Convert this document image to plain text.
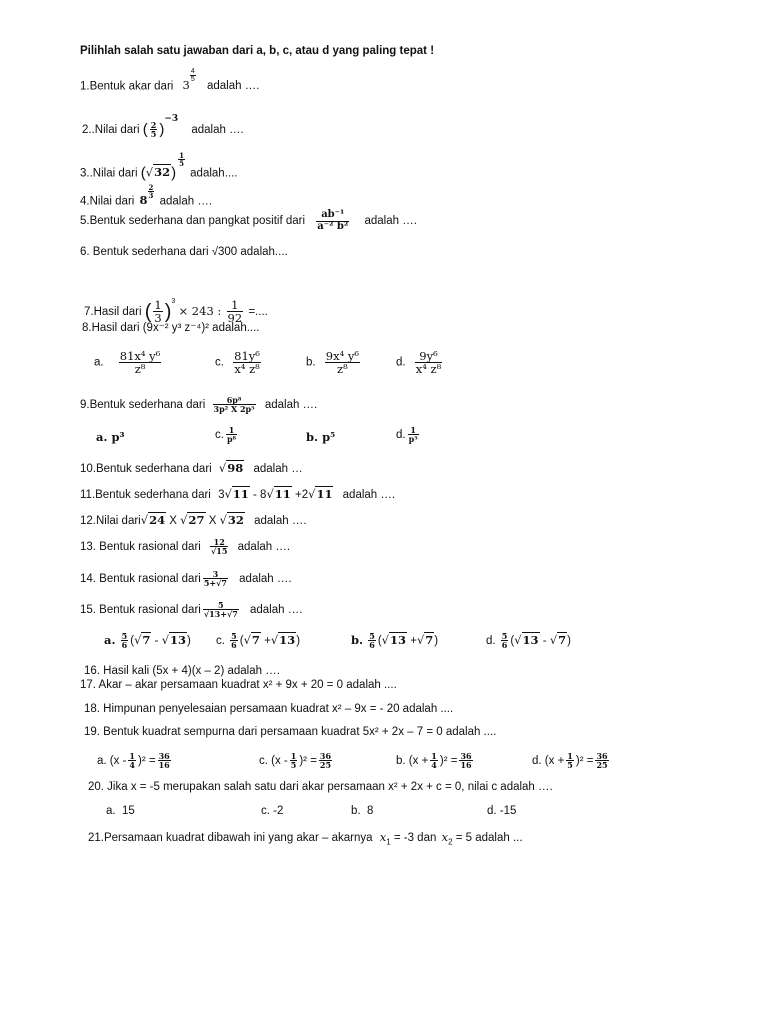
Pilihlah salah satu jawaban dari a, b, c, atau d yang paling tepat !
1.Bentuk akar dari 3
$\frac{4}{5}$
adalah ….
2..Nilai dari ( $\frac{2}{5} )^{-3}$ adalah ….
3..Nilai dari (√32)
$\frac{1}{5}$
adalah....
4.Nilai dari 8
$\frac{2}{3}$
adalah ….
5.Bentuk sederhana dan pangkat positif dari $\frac{\text{ab⁻¹}}{\text{a⁻² b²}}$ adalah ….
6. Bentuk sederhana dari √300 adalah....
7.Hasil dari ( $\frac{1}{3} )^3 \times 243$ : $\frac{1}{92}$ =....
8.Hasil dari (9x⁻² y³ z⁻⁴)² adalah....
a. $\frac{\text{81x⁴ y⁶}}{\text{z⁸}}$	c. $\frac{\text{81y⁶}}{\text{x⁴ z⁸}}$	b. $\frac{\text{9x⁴ y⁶}}{\text{z⁸}}$	d. $\frac{\text{9y⁶}}{\text{x⁴ z⁸}}$
9.Bentuk sederhana dari $\frac{\text{6p⁸}}{\text{3p² X 2p⁵}}$ adalah ….
a. p³	c. $\frac{1}{\text{p⁸}}$	b. p⁵	d. $\frac{1}{\text{p⁵}}$
10.Bentuk sederhana dari √98 adalah …
11.Bentuk sederhana dari 3√11 - 8√11 +2√11 adalah ….
12.Nilai dari√24 X √27 X √32 adalah ….
13. Bentuk rasional dari $\frac{12}{√15}$ adalah ….
14. Bentuk rasional dari $\frac{3}{5+√7}$ adalah ….
15. Bentuk rasional dari $\frac{5}{√13+√7}$ adalah ….
a. $\frac{5}{6} (√7 - √13)$ c. $\frac{5}{6} (√7 +√13)$	b. $\frac{5}{6} (√13 +√7)$	d. $\frac{5}{6} (√13 - √7)$
16. Hasil kali (5x + 4)(x – 2) adalah ….
17. Akar – akar persamaan kuadrat x² + 9x + 20 = 0 adalah ....
18. Himpunan penyelesaian persamaan kuadrat x² – 9x = - 20 adalah ....
19. Bentuk kuadrat sempurna dari persamaan kuadrat 5x² + 2x – 7 = 0 adalah ....
a. $(x - \frac{1}{4} )^2 = \frac{36}{16}$	c. $(x - \frac{1}{5} )^2 = \frac{36}{25}$	b. $(x + \frac{1}{4} )^2 = \frac{36}{16}$	d. $(x + \frac{1}{5} )^2 = \frac{36}{25}$
20. Jika x = -5 merupakan salah satu dari akar persamaan x² + 2x + c = 0, nilai c adalah ….
a. 15	c. -2	b. 8	d. -15
21.Persamaan kuadrat dibawah ini yang akar – akarnya $x_1 = -3$ dan $x_2 = 5$ adalah ...
